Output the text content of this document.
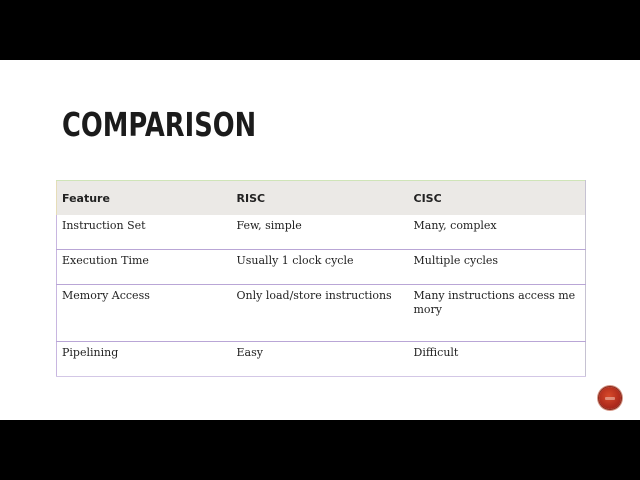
COMPARISON
Feature	RISC	CISC
Instruction Set	Few, simple	Many, complex
Execution Time	Usually 1 clock cycle	Multiple cycles
Memory Access	Only load/store instructions	Many instructions access me mory
Pipelining	Easy	Difficult
